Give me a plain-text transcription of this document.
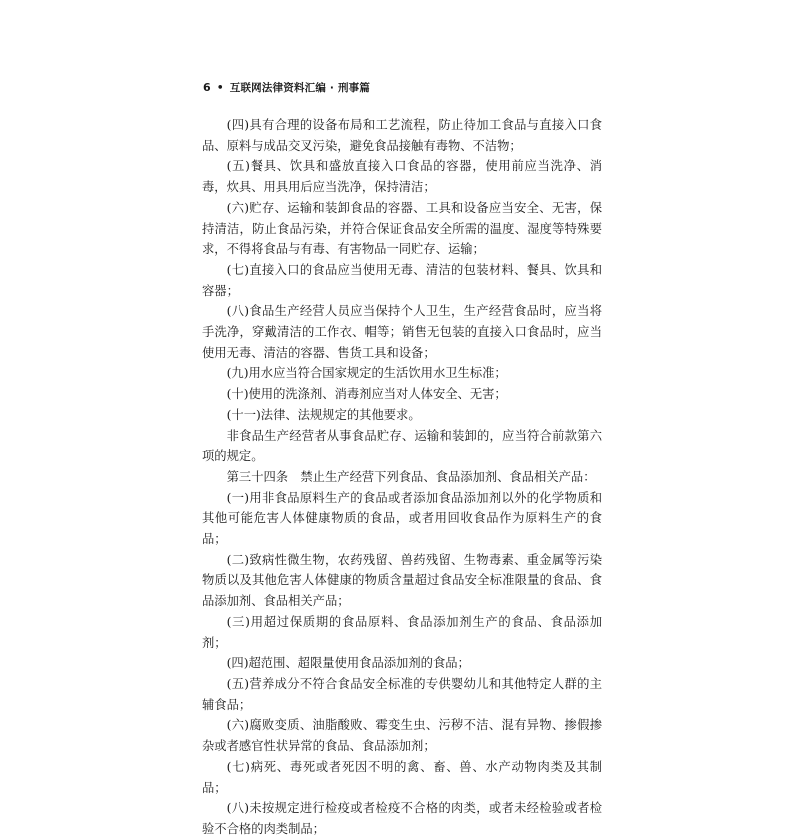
6 • 互联网法律资料汇编 · 刑事篇

(四)具有合理的设备布局和工艺流程，防止待加工食品与直接入口食品、原料与成品交叉污染，避免食品接触有毒物、不洁物；

(五)餐具、饮具和盛放直接入口食品的容器，使用前应当洗净、消毒，炊具、用具用后应当洗净，保持清洁；

(六)贮存、运输和装卸食品的容器、工具和设备应当安全、无害，保持清洁，防止食品污染，并符合保证食品安全所需的温度、湿度等特殊要求，不得将食品与有毒、有害物品一同贮存、运输；

(七)直接入口的食品应当使用无毒、清洁的包装材料、餐具、饮具和容器；

(八)食品生产经营人员应当保持个人卫生，生产经营食品时，应当将手洗净，穿戴清洁的工作衣、帽等；销售无包装的直接入口食品时，应当使用无毒、清洁的容器、售货工具和设备；

(九)用水应当符合国家规定的生活饮用水卫生标准；

(十)使用的洗涤剂、消毒剂应当对人体安全、无害；

(十一)法律、法规规定的其他要求。

非食品生产经营者从事食品贮存、运输和装卸的，应当符合前款第六项的规定。

第三十四条　禁止生产经营下列食品、食品添加剂、食品相关产品：

(一)用非食品原料生产的食品或者添加食品添加剂以外的化学物质和其他可能危害人体健康物质的食品，或者用回收食品作为原料生产的食品；

(二)致病性微生物，农药残留、兽药残留、生物毒素、重金属等污染物质以及其他危害人体健康的物质含量超过食品安全标准限量的食品、食品添加剂、食品相关产品；

(三)用超过保质期的食品原料、食品添加剂生产的食品、食品添加剂；

(四)超范围、超限量使用食品添加剂的食品；

(五)营养成分不符合食品安全标准的专供婴幼儿和其他特定人群的主辅食品；

(六)腐败变质、油脂酸败、霉变生虫、污秽不洁、混有异物、掺假掺杂或者感官性状异常的食品、食品添加剂；

(七)病死、毒死或者死因不明的禽、畜、兽、水产动物肉类及其制品；

(八)未按规定进行检疫或者检疫不合格的肉类，或者未经检验或者检验不合格的肉类制品；
